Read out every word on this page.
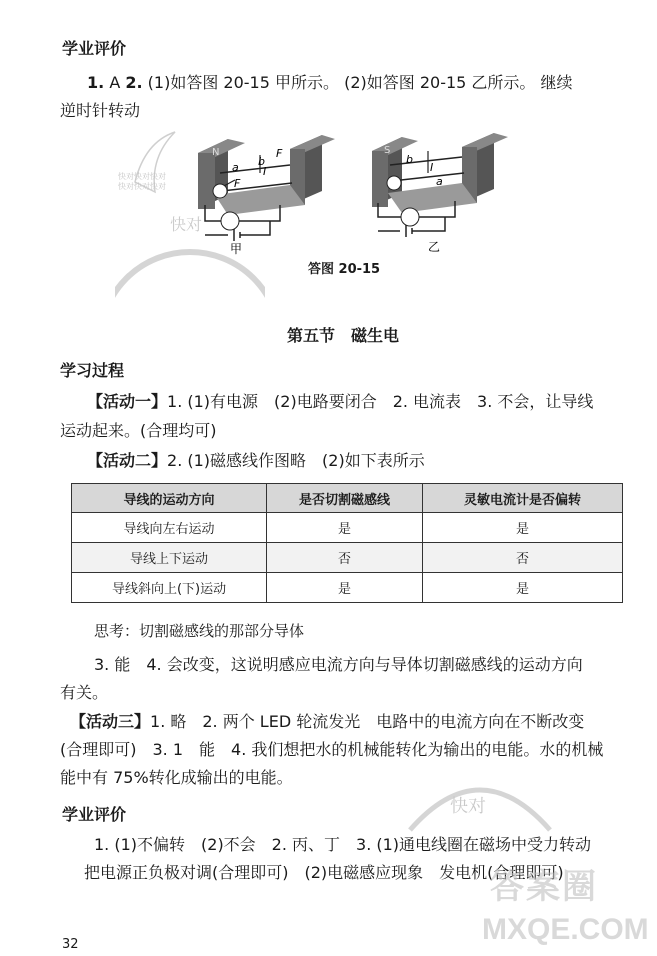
学业评价
1. A 2. (1)如答图 20-15 甲所示。 (2)如答图 20-15 乙所示。 继续
逆时针转动
N
a b
I
F
F
S
b
I
a
甲	乙
快对快对快对
快对快对快对
快对
答图 20-15
第五节　磁生电
学习过程
【活动一】1. (1)有电源　(2)电路要闭合　2. 电流表　3. 不会，让导线
运动起来。(合理均可)
【活动二】2. (1)磁感线作图略　(2)如下表所示
导线的运动方向	是否切割磁感线	灵敏电流计是否偏转
导线向左右运动	是	是
导线上下运动	否	否
导线斜向上(下)运动	是	是
思考：切割磁感线的那部分导体
3. 能　4. 会改变，这说明感应电流方向与导体切割磁感线的运动方向
有关。
【活动三】1. 略　2. 两个 LED 轮流发光　电路中的电流方向在不断改变
(合理即可)　3. 1　能　4. 我们想把水的机械能转化为输出的电能。水的机械
能中有 75%转化成输出的电能。
快对
学业评价
1. (1)不偏转　(2)不会　2. 丙、丁　3. (1)通电线圈在磁场中受力转动
把电源正负极对调(合理即可)　(2)电磁感应现象　发电机(合理即可)
答案圈
MXQE.COM
32
